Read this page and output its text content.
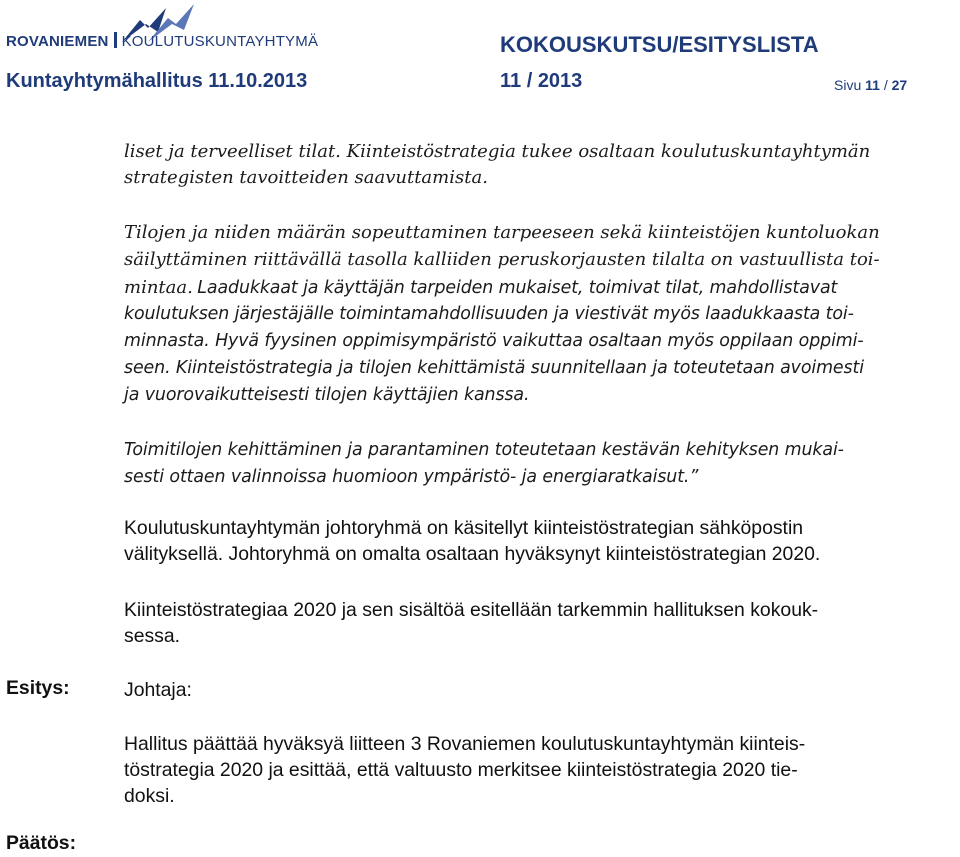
ROVANIEMEN KOULUTUSKUNTAYHTYMÄ	KOKOUSKUTSU/ESITYSLISTA
Kuntayhtymähallitus 11.10.2013	11 / 2013	Sivu 11 / 27
liset ja terveelliset tilat. Kiinteistöstrategia tukee osaltaan koulutuskuntayhtymän
strategisten tavoitteiden saavuttamista.
Tilojen ja niiden määrän sopeuttaminen tarpeeseen sekä kiinteistöjen kuntoluokan
säilyttäminen riittävällä tasolla kalliiden peruskorjausten tilalta on vastuullista toi-
mintaa. Laadukkaat ja käyttäjän tarpeiden mukaiset, toimivat tilat, mahdollistavat
koulutuksen järjestäjälle toimintamahdollisuuden ja viestivät myös laadukkaasta toi-
minnasta. Hyvä fyysinen oppimisympäristö vaikuttaa osaltaan myös oppilaan oppimi-
seen. Kiinteistöstrategia ja tilojen kehittämistä suunnitellaan ja toteutetaan avoimesti
ja vuorovaikutteisesti tilojen käyttäjien kanssa.
Toimitilojen kehittäminen ja parantaminen toteutetaan kestävän kehityksen mukai-
sesti ottaen valinnoissa huomioon ympäristö- ja energiaratkaisut.”
Koulutuskuntayhtymän johtoryhmä on käsitellyt kiinteistöstrategian sähköpostin
välityksellä. Johtoryhmä on omalta osaltaan hyväksynyt kiinteistöstrategian 2020.
Kiinteistöstrategiaa 2020 ja sen sisältöä esitellään tarkemmin hallituksen kokouk-
sessa.
Esitys:	Johtaja:
Hallitus päättää hyväksyä liitteen 3 Rovaniemen koulutuskuntayhtymän kiinteis-
töstrategia 2020 ja esittää, että valtuusto merkitsee kiinteistöstrategia 2020 tie-
doksi.
Päätös:
